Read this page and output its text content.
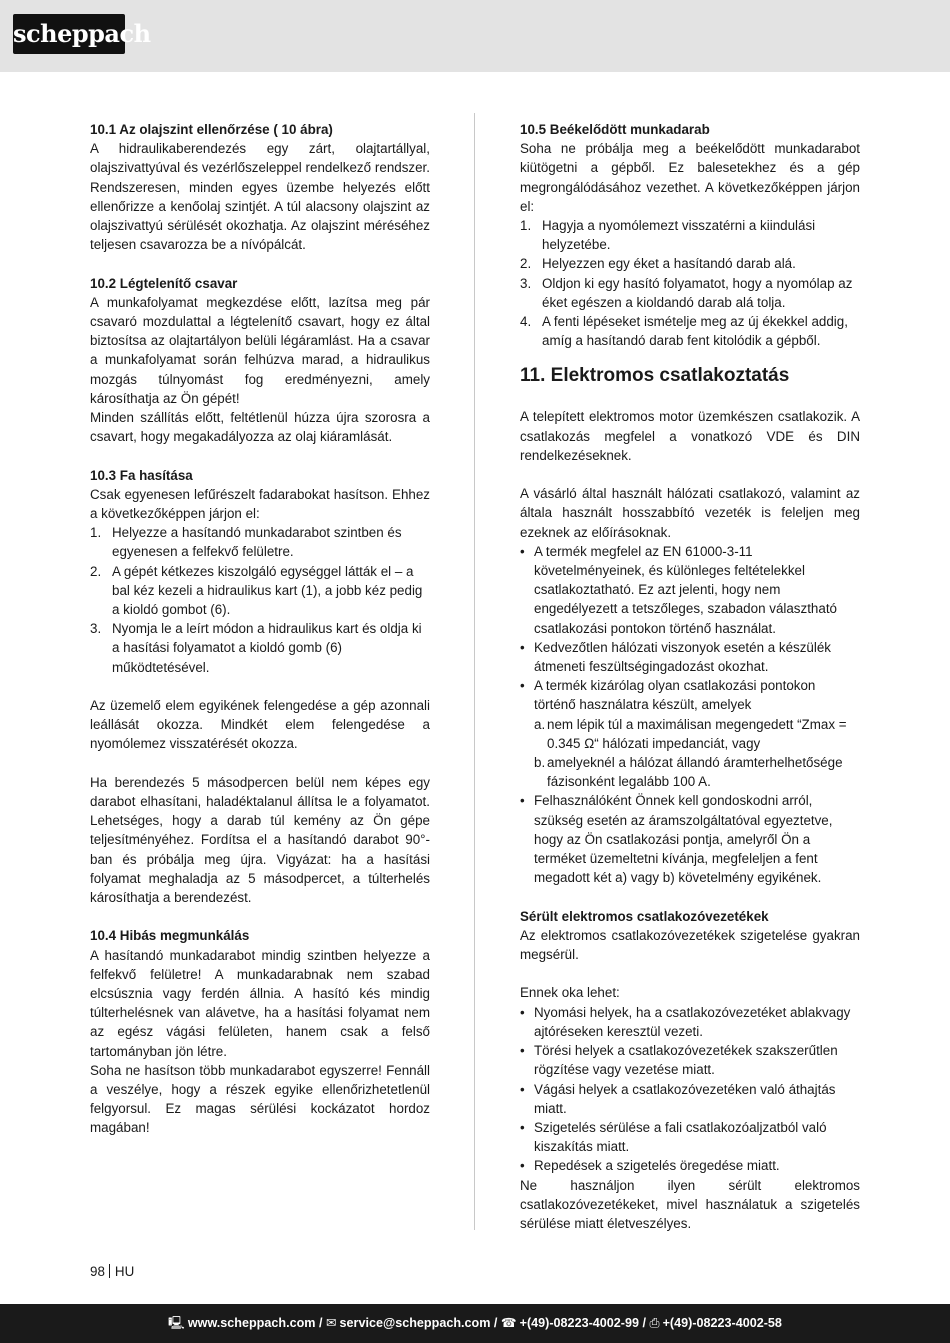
scheppach

10.1 Az olajszint ellenőrzése ( 10 ábra)

A hidraulikaberendezés egy zárt, olajtartállyal, olajszivattyúval és vezérlőszeleppel rendelkező rendszer. Rendszeresen, minden egyes üzembe helyezés előtt ellenőrizze a kenőolaj szintjét. A túl alacsony olajszint az olajszivattyú sérülését okozhatja. Az olajszint méréséhez teljesen csavarozza be a nívópálcát.

10.2 Légtelenítő csavar

A munkafolyamat megkezdése előtt, lazítsa meg pár csavaró mozdulattal a légtelenítő csavart, hogy ez által biztosítsa az olajtartályon belüli légáramlást. Ha a csavar a munkafolyamat során felhúzva marad, a hidraulikus mozgás túlnyomást fog eredményezni, amely károsíthatja az Ön gépét!

Minden szállítás előtt, feltétlenül húzza újra szorosra a csavart, hogy megakadályozza az olaj kiáramlását.

10.3 Fa hasítása

Csak egyenesen lefűrészelt fadarabokat hasítson. Ehhez a következőképpen járjon el:

1. Helyezze a hasítandó munkadarabot szintben és egyenesen a felfekvő felületre.
2. A gépét kétkezes kiszolgáló egységgel látták el – a bal kéz kezeli a hidraulikus kart (1), a jobb kéz pedig a kioldó gombot (6).
3. Nyomja le a leírt módon a hidraulikus kart és oldja ki a hasítási folyamatot a kioldó gomb (6) működtetésével.

Az üzemelő elem egyikének felengedése a gép azonnali leállását okozza. Mindkét elem felengedése a nyomólemez visszatérését okozza.

Ha berendezés 5 másodpercen belül nem képes egy darabot elhasítani, haladéktalanul állítsa le a folyamatot. Lehetséges, hogy a darab túl kemény az Ön gépe teljesítményéhez. Fordítsa el a hasítandó darabot 90°-ban és próbálja meg újra. Vigyázat: ha a hasítási folyamat meghaladja az 5 másodpercet, a túlterhelés károsíthatja a berendezést.

10.4 Hibás megmunkálás

A hasítandó munkadarabot mindig szintben helyezze a felfekvő felületre! A munkadarabnak nem szabad elcsúsznia vagy ferdén állnia. A hasító kés mindig túlterhelésnek van alávetve, ha a hasítási folyamat nem az egész vágási felületen, hanem csak a felső tartományban jön létre.

Soha ne hasítson több munkadarabot egyszerre! Fennáll a veszélye, hogy a részek egyike ellenőrizhetetlenül felgyorsul. Ez magas sérülési kockázatot hordoz magában!

10.5 Beékelődött munkadarab

Soha ne próbálja meg a beékelődött munkadarabot kiütögetni a gépből. Ez balesetekhez és a gép megrongálódásához vezethet. A következőképpen járjon el:

1. Hagyja a nyomólemezt visszatérni a kiindulási helyzetébe.
2. Helyezzen egy éket a hasítandó darab alá.
3. Oldjon ki egy hasító folyamatot, hogy a nyomólap az éket egészen a kioldandó darab alá tolja.
4. A fenti lépéseket ismételje meg az új ékekkel addig, amíg a hasítandó darab fent kitolódik a gépből.

11. Elektromos csatlakoztatás

A telepített elektromos motor üzemkészen csatlakozik. A csatlakozás megfelel a vonatkozó VDE és DIN rendelkezéseknek.

A vásárló által használt hálózati csatlakozó, valamint az általa használt hosszabbító vezeték is feleljen meg ezeknek az előírásoknak.

• A termék megfelel az EN 61000-3-11 követelményeinek, és különleges feltételekkel csatlakoztatható. Ez azt jelenti, hogy nem engedélyezett a tetszőleges, szabadon választható csatlakozási pontokon történő használat.
• Kedvezőtlen hálózati viszonyok esetén a készülék átmeneti feszültségingadozást okozhat.
• A termék kizárólag olyan csatlakozási pontokon történő használatra készült, amelyek
a. nem lépik túl a maximálisan megengedett “Zmax = 0.345 Ω“ hálózati impedanciát, vagy
b. amelyeknél a hálózat állandó áramterhelhetősége fázisonként legalább 100 A.
• Felhasználóként Önnek kell gondoskodni arról, szükség esetén az áramszolgáltatóval egyeztetve, hogy az Ön csatlakozási pontja, amelyről Ön a terméket üzemeltetni kívánja, megfeleljen a fent megadott két a) vagy b) követelmény egyikének.

Sérült elektromos csatlakozóvezetékek

Az elektromos csatlakozóvezetékek szigetelése gyakran megsérül.

Ennek oka lehet:

• Nyomási helyek, ha a csatlakozóvezetéket ablakvagy ajtóréseken keresztül vezeti.
• Törési helyek a csatlakozóvezetékek szakszerűtlen rögzítése vagy vezetése miatt.
• Vágási helyek a csatlakozóvezetéken való áthajtás miatt.
• Szigetelés sérülése a fali csatlakozóaljzatból való kiszakítás miatt.
• Repedések a szigetelés öregedése miatt.

Ne használjon ilyen sérült elektromos csatlakozóvezetékeket, mivel használatuk a szigetelés sérülése miatt életveszélyes.

98 HU
🖳 www.scheppach.com / ✉ service@scheppach.com / ☎ +(49)-08223-4002-99 / ⎙ +(49)-08223-4002-58
